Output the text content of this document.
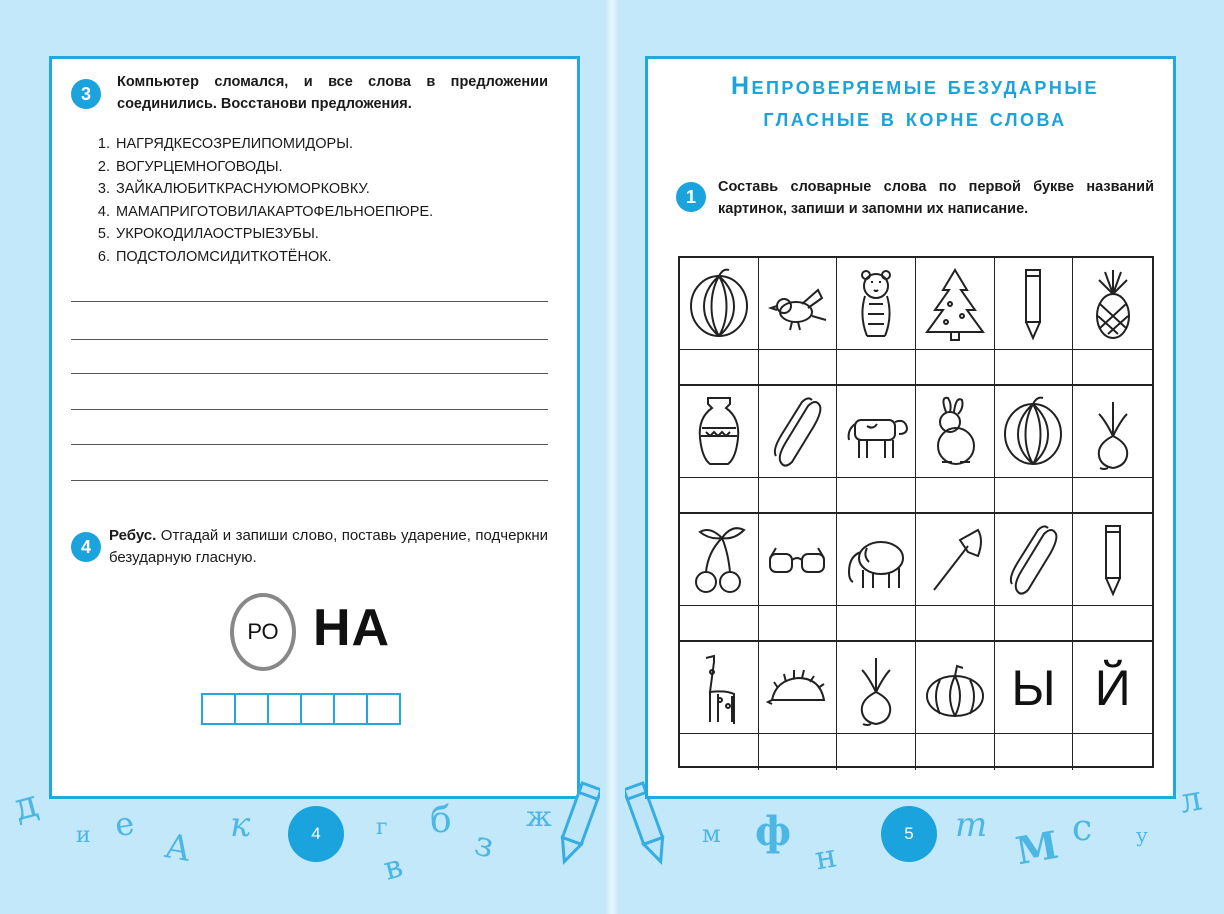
3
Компьютер сломался, и все слова в предложении соединились. Восстанови предложения.
1. НАГРЯДКЕСОЗРЕЛИПОМИДОРЫ.
2. ВОГУРЦЕМНОГОВОДЫ.
3. ЗАЙКАЛЮБИТКРАСНУЮМОРКОВКУ.
4. МАМАПРИГОТОВИЛАКАРТОФЕЛЬНОЕПЮРЕ.
5. УКРОКОДИЛАОСТРЫЕЗУБЫ.
6. ПОДСТОЛОМСИДИТКОТЁНОК.
4
Ребус. Отгадай и запиши слово, поставь ударение, подчеркни безударную гласную.
РО НА
4
д
и е
А
к	г
в
б
з
ж
Непроверяемые безударные
гласные в корне слова
1	Составь словарные слова по первой букве названий картинок, запиши и запомни их написание.
Ы Й
5
м ф
н
т М с у
л
